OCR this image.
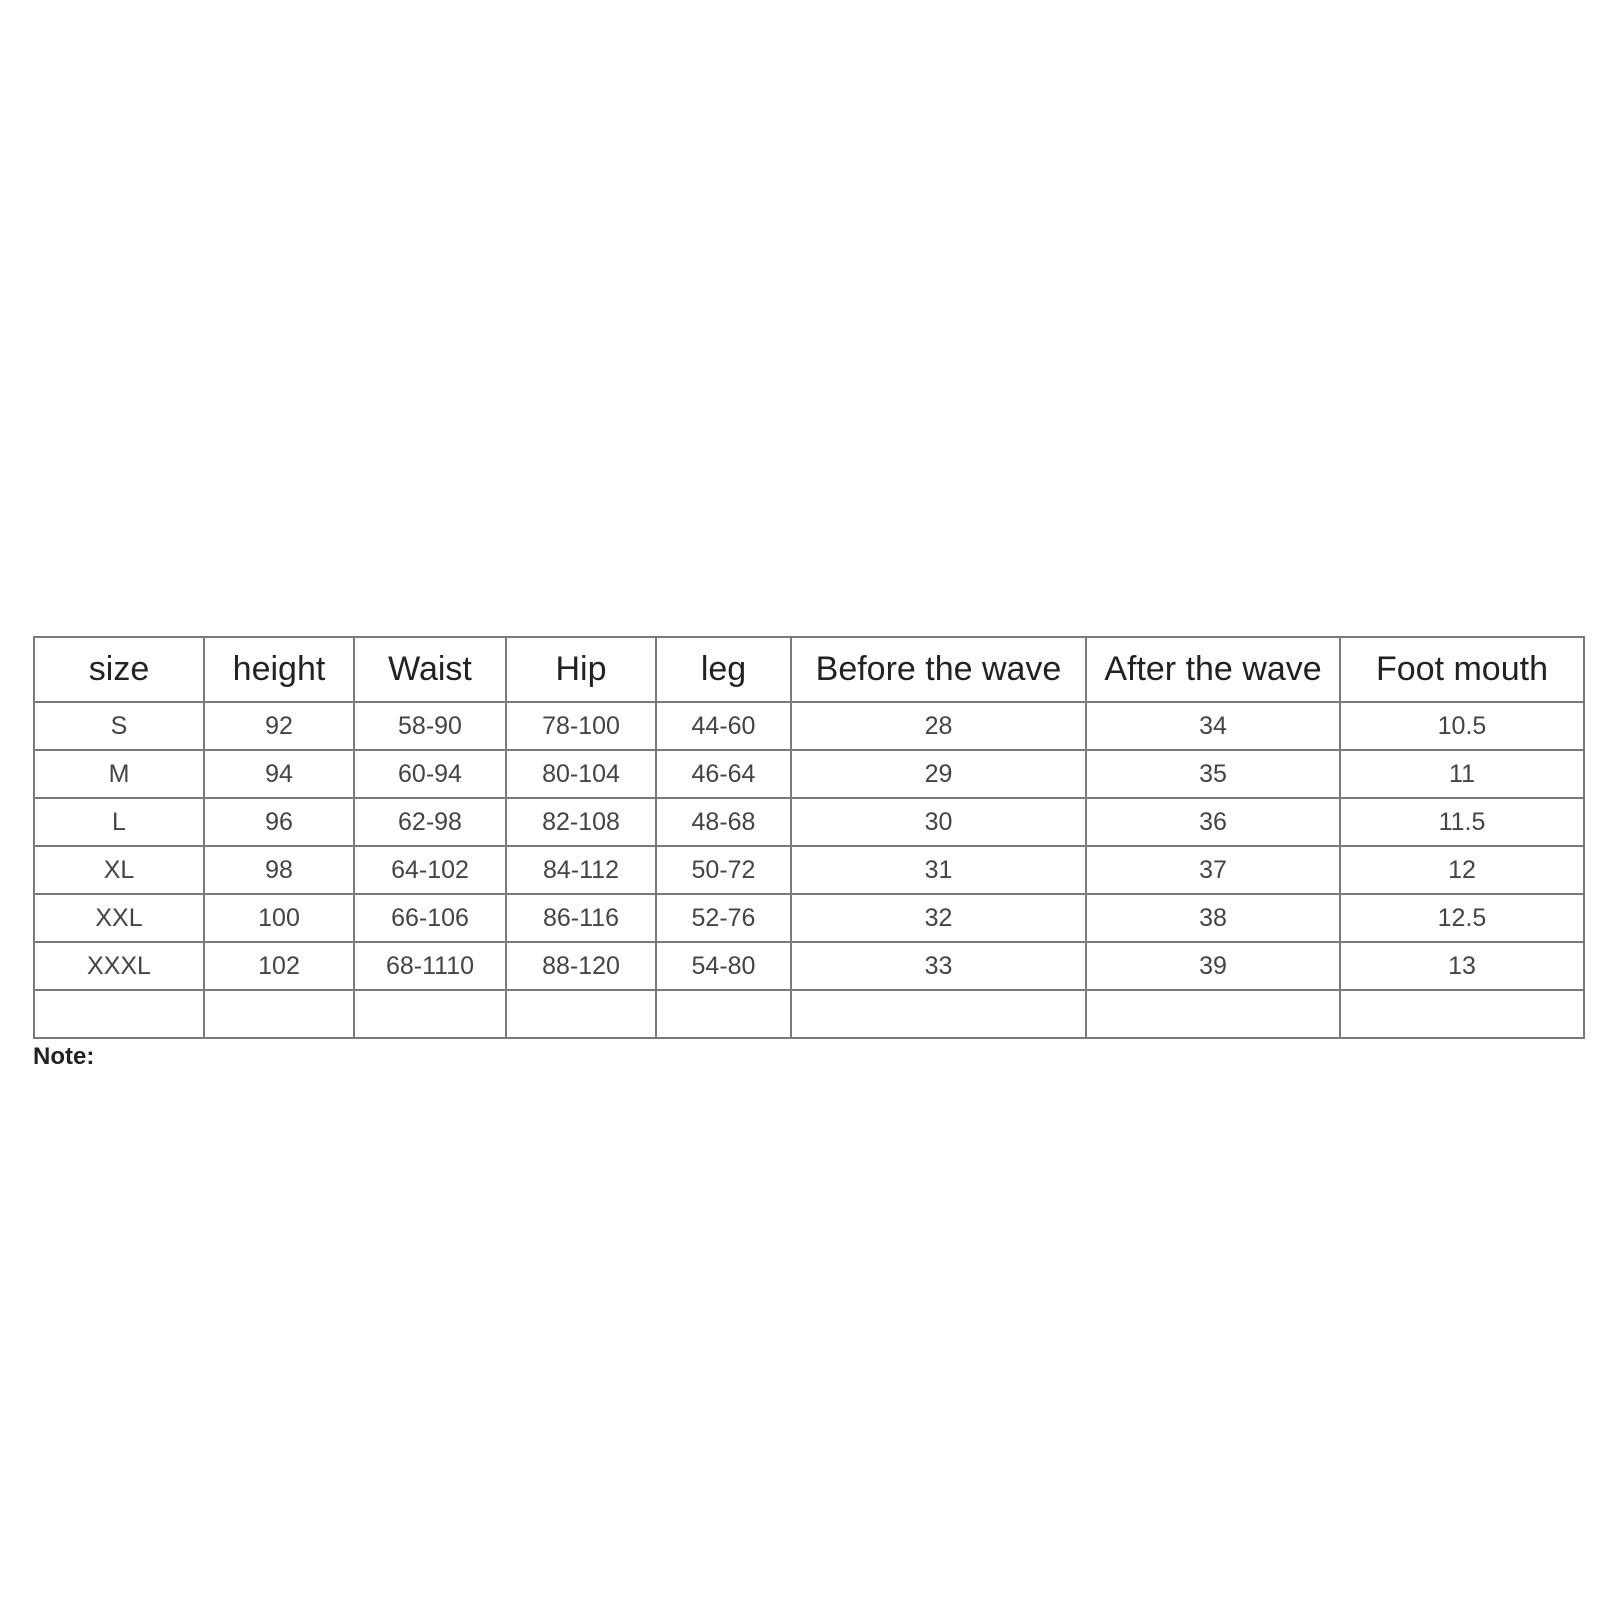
size	height	Waist	Hip	leg	Before the wave	After the wave	Foot mouth
S	92	58-90	78-100	44-60	28	34	10.5
M	94	60-94	80-104	46-64	29	35	11
L	96	62-98	82-108	48-68	30	36	11.5
XL	98	64-102	84-112	50-72	31	37	12
XXL	100	66-106	86-116	52-76	32	38	12.5
XXXL	102	68-1110	88-120	54-80	33	39	13

Note:
